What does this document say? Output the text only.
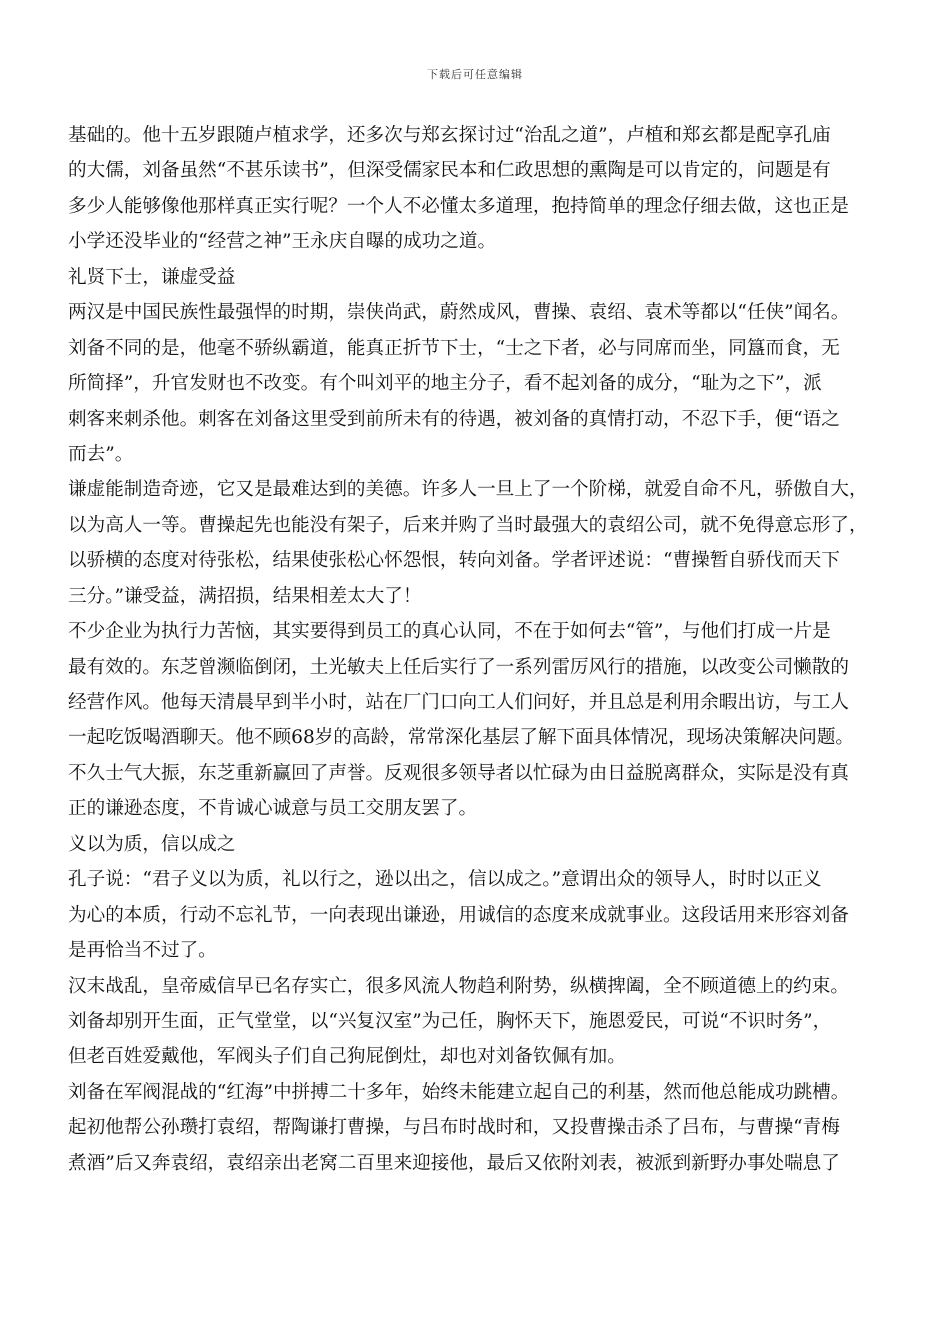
下载后可任意编辑
基础的。他十五岁跟随卢植求学，还多次与郑玄探讨过“治乱之道”，卢植和郑玄都是配享孔庙
的大儒，刘备虽然“不甚乐读书”，但深受儒家民本和仁政思想的熏陶是可以肯定的，问题是有
多少人能够像他那样真正实行呢？一个人不必懂太多道理，抱持简单的理念仔细去做，这也正是
小学还没毕业的“经营之神”王永庆自曝的成功之道。
礼贤下士，谦虚受益
两汉是中国民族性最强悍的时期，崇侠尚武，蔚然成风，曹操、袁绍、袁术等都以“任侠”闻名。
刘备不同的是，他毫不骄纵霸道，能真正折节下士，“士之下者，必与同席而坐，同簋而食，无
所简择”，升官发财也不改变。有个叫刘平的地主分子，看不起刘备的成分，“耻为之下”，派
刺客来刺杀他。刺客在刘备这里受到前所未有的待遇，被刘备的真情打动，不忍下手，便“语之
而去”。
谦虚能制造奇迹，它又是最难达到的美德。许多人一旦上了一个阶梯，就爱自命不凡，骄傲自大，
以为高人一等。曹操起先也能没有架子，后来并购了当时最强大的袁绍公司，就不免得意忘形了，
以骄横的态度对待张松，结果使张松心怀怨恨，转向刘备。学者评述说：“曹操暂自骄伐而天下
三分。”谦受益，满招损，结果相差太大了！
不少企业为执行力苦恼，其实要得到员工的真心认同，不在于如何去“管”，与他们打成一片是
最有效的。东芝曾濒临倒闭，土光敏夫上任后实行了一系列雷厉风行的措施，以改变公司懒散的
经营作风。他每天清晨早到半小时，站在厂门口向工人们问好，并且总是利用余暇出访，与工人
一起吃饭喝酒聊天。他不顾68岁的高龄，常常深化基层了解下面具体情况，现场决策解决问题。
不久士气大振，东芝重新赢回了声誉。反观很多领导者以忙碌为由日益脱离群众，实际是没有真
正的谦逊态度，不肯诚心诚意与员工交朋友罢了。
义以为质，信以成之
孔子说：“君子义以为质，礼以行之，逊以出之，信以成之。”意谓出众的领导人，时时以正义
为心的本质，行动不忘礼节，一向表现出谦逊，用诚信的态度来成就事业。这段话用来形容刘备
是再恰当不过了。
汉末战乱，皇帝威信早已名存实亡，很多风流人物趋利附势，纵横捭阖，全不顾道德上的约束。
刘备却别开生面，正气堂堂，以“兴复汉室”为己任，胸怀天下，施恩爱民，可说“不识时务”，
但老百姓爱戴他，军阀头子们自己狗屁倒灶，却也对刘备钦佩有加。
刘备在军阀混战的“红海”中拼搏二十多年，始终未能建立起自己的利基，然而他总能成功跳槽。
起初他帮公孙瓒打袁绍，帮陶谦打曹操，与吕布时战时和，又投曹操击杀了吕布，与曹操“青梅
煮酒”后又奔袁绍，袁绍亲出老窝二百里来迎接他，最后又依附刘表，被派到新野办事处喘息了
